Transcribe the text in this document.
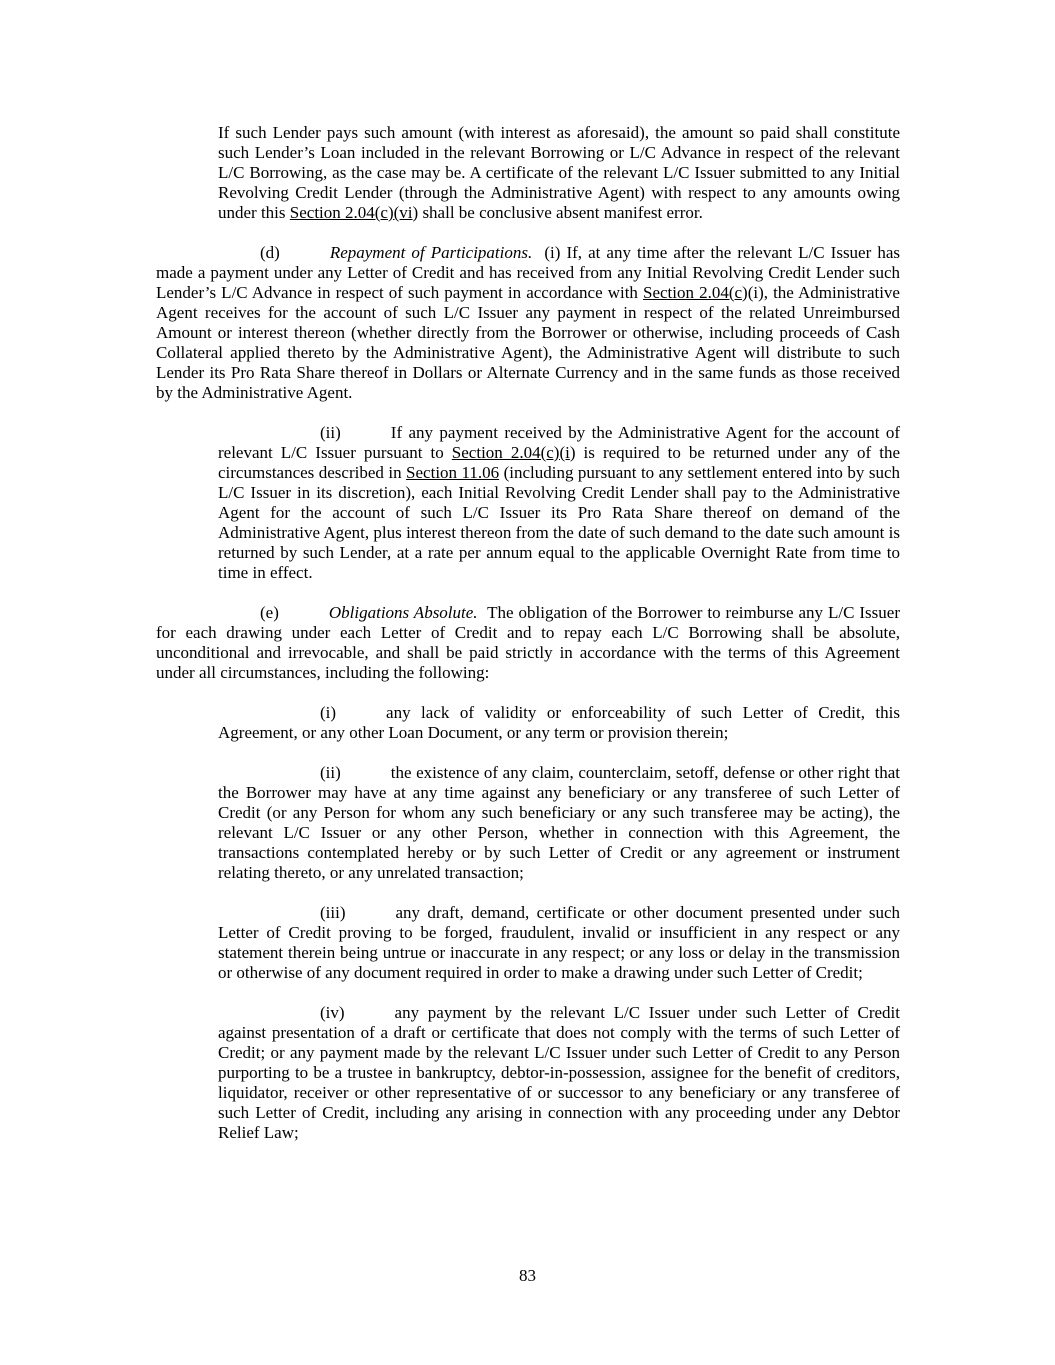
If such Lender pays such amount (with interest as aforesaid), the amount so paid shall constitute such Lender’s Loan included in the relevant Borrowing or L/C Advance in respect of the relevant L/C Borrowing, as the case may be. A certificate of the relevant L/C Issuer submitted to any Initial Revolving Credit Lender (through the Administrative Agent) with respect to any amounts owing under this Section 2.04(c)(vi) shall be conclusive absent manifest error.

(d)	Repayment of Participations.  (i) If, at any time after the relevant L/C Issuer has made a payment under any Letter of Credit and has received from any Initial Revolving Credit Lender such Lender’s L/C Advance in respect of such payment in accordance with Section 2.04(c)(i), the Administrative Agent receives for the account of such L/C Issuer any payment in respect of the related Unreimbursed Amount or interest thereon (whether directly from the Borrower or otherwise, including proceeds of Cash Collateral applied thereto by the Administrative Agent), the Administrative Agent will distribute to such Lender its Pro Rata Share thereof in Dollars or Alternate Currency and in the same funds as those received by the Administrative Agent.

(ii)	If any payment received by the Administrative Agent for the account of relevant L/C Issuer pursuant to Section 2.04(c)(i) is required to be returned under any of the circumstances described in Section 11.06 (including pursuant to any settlement entered into by such L/C Issuer in its discretion), each Initial Revolving Credit Lender shall pay to the Administrative Agent for the account of such L/C Issuer its Pro Rata Share thereof on demand of the Administrative Agent, plus interest thereon from the date of such demand to the date such amount is returned by such Lender, at a rate per annum equal to the applicable Overnight Rate from time to time in effect.

(e)	Obligations Absolute.  The obligation of the Borrower to reimburse any L/C Issuer for each drawing under each Letter of Credit and to repay each L/C Borrowing shall be absolute, unconditional and irrevocable, and shall be paid strictly in accordance with the terms of this Agreement under all circumstances, including the following:

(i)	any lack of validity or enforceability of such Letter of Credit, this Agreement, or any other Loan Document, or any term or provision therein;

(ii)	the existence of any claim, counterclaim, setoff, defense or other right that the Borrower may have at any time against any beneficiary or any transferee of such Letter of Credit (or any Person for whom any such beneficiary or any such transferee may be acting), the relevant L/C Issuer or any other Person, whether in connection with this Agreement, the transactions contemplated hereby or by such Letter of Credit or any agreement or instrument relating thereto, or any unrelated transaction;

(iii)	any draft, demand, certificate or other document presented under such Letter of Credit proving to be forged, fraudulent, invalid or insufficient in any respect or any statement therein being untrue or inaccurate in any respect; or any loss or delay in the transmission or otherwise of any document required in order to make a drawing under such Letter of Credit;

(iv)	any payment by the relevant L/C Issuer under such Letter of Credit against presentation of a draft or certificate that does not comply with the terms of such Letter of Credit; or any payment made by the relevant L/C Issuer under such Letter of Credit to any Person purporting to be a trustee in bankruptcy, debtor-in-possession, assignee for the benefit of creditors, liquidator, receiver or other representative of or successor to any beneficiary or any transferee of such Letter of Credit, including any arising in connection with any proceeding under any Debtor Relief Law;

83
